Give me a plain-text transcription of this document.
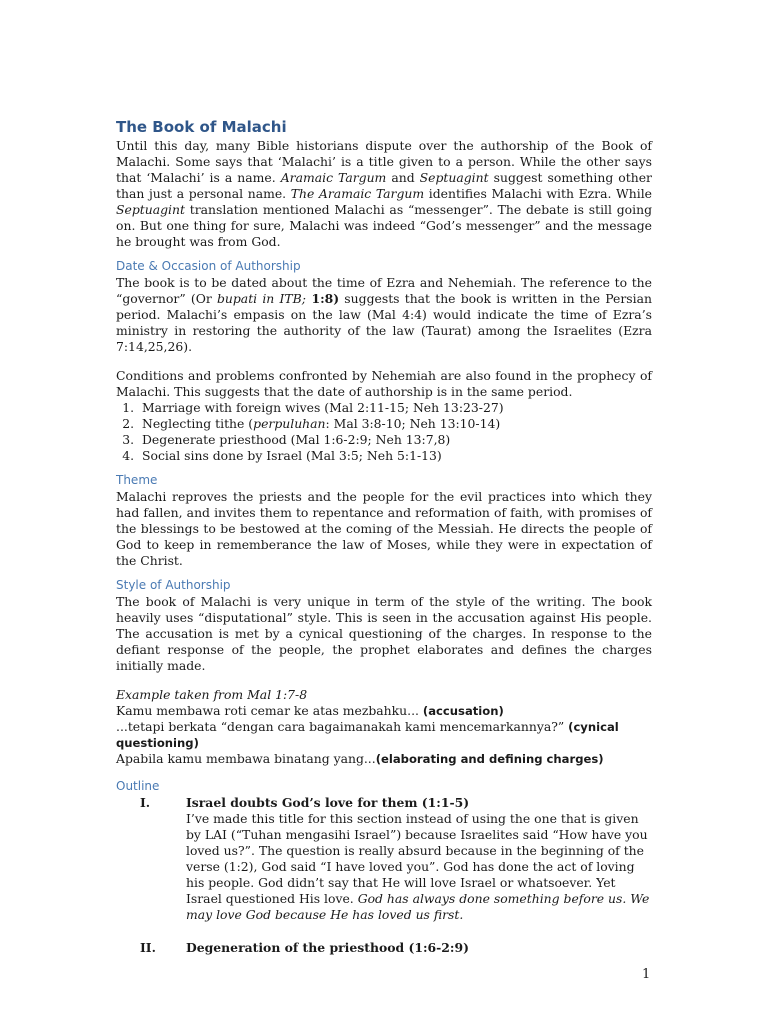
The Book of Malachi

Until this day, many Bible historians dispute over the authorship of the Book of Malachi. Some says that ‘Malachi’ is a title given to a person. While the other says that ‘Malachi’ is a name. Aramaic Targum and Septuagint suggest something other than just a personal name. The Aramaic Targum identifies Malachi with Ezra. While Septuagint translation mentioned Malachi as “messenger”. The debate is still going on. But one thing for sure, Malachi was indeed “God’s messenger” and the message he brought was from God.

Date & Occasion of Authorship

The book is to be dated about the time of Ezra and Nehemiah. The reference to the “governor” (Or bupati in ITB; 1:8) suggests that the book is written in the Persian period. Malachi’s empasis on the law (Mal 4:4) would indicate the time of Ezra’s ministry in restoring the authority of the law (Taurat) among the Israelites (Ezra 7:14,25,26).

Conditions and problems confronted by Nehemiah are also found in the prophecy of Malachi. This suggests that the date of authorship is in the same period.

1. Marriage with foreign wives (Mal 2:11-15; Neh 13:23-27)
2. Neglecting tithe (perpuluhan: Mal 3:8-10; Neh 13:10-14)
3. Degenerate priesthood (Mal 1:6-2:9; Neh 13:7,8)
4. Social sins done by Israel (Mal 3:5; Neh 5:1-13)
Theme

Malachi reproves the priests and the people for the evil practices into which they had fallen, and invites them to repentance and reformation of faith, with promises of the blessings to be bestowed at the coming of the Messiah. He directs the people of God to keep in rememberance the law of Moses, while they were in expectation of the Christ.

Style of Authorship

The book of Malachi is very unique in term of the style of the writing. The book heavily uses “disputational” style. This is seen in the accusation against His people. The accusation is met by a cynical questioning of the charges. In response to the defiant response of the people, the prophet elaborates and defines the charges initially made.

Example taken from Mal 1:7-8

Kamu membawa roti cemar ke atas mezbahku... (accusation)

...tetapi berkata “dengan cara bagaimanakah kami mencemarkannya?” (cynical questioning)

Apabila kamu membawa binatang yang...(elaborating and defining charges)

Outline
I.	Israel doubts God’s love for them (1:1-5)
I’ve made this title for this section instead of using the one that is given by LAI (“Tuhan mengasihi Israel”) because Israelites said “How have you loved us?”. The question is really absurd because in the beginning of the verse (1:2), God said “I have loved you”. God has done the act of loving his people. God didn’t say that He will love Israel or whatsoever. Yet Israel questioned His love. God has always done something before us. We may love God because He has loved us first.
II.	Degeneration of the priesthood (1:6-2:9)
1
